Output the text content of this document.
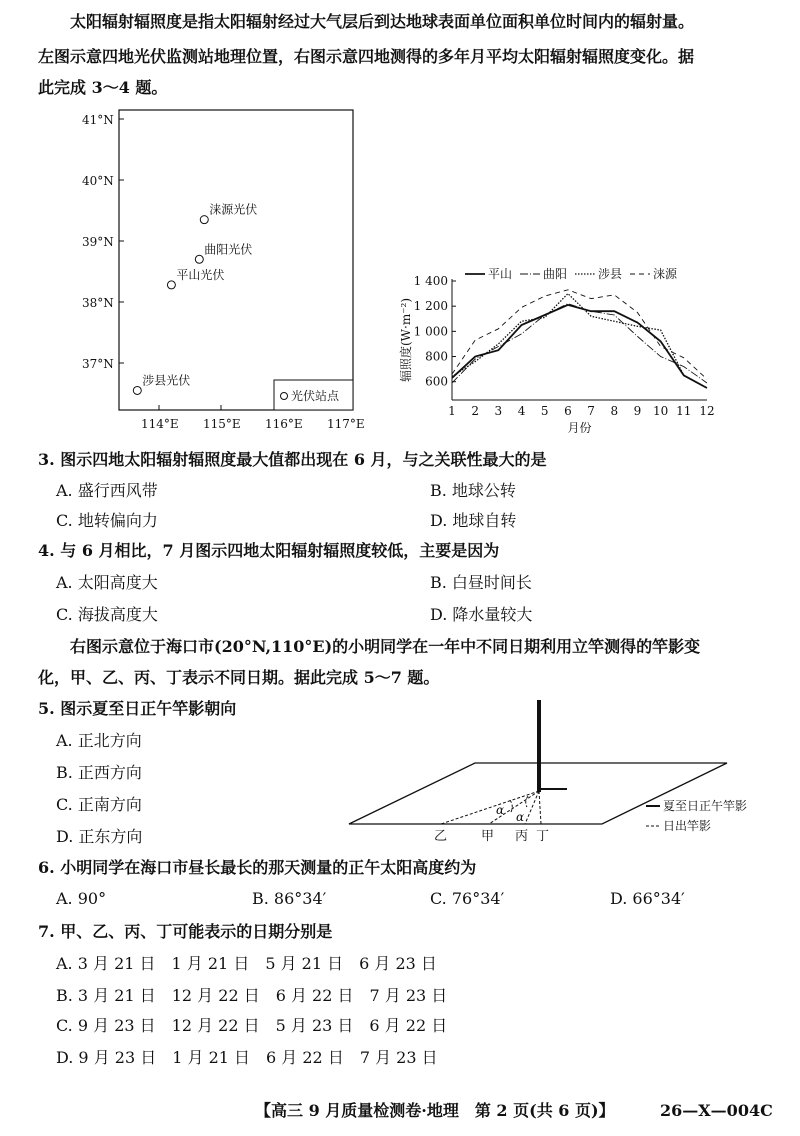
太阳辐射辐照度是指太阳辐射经过大气层后到达地球表面单位面积单位时间内的辐射量。
左图示意四地光伏监测站地理位置，右图示意四地测得的多年月平均太阳辐射辐照度变化。据
此完成 3～4 题。
41°N
40°N
39°N
38°N
37°N
114°E 115°E 116°E 117°E
涞源光伏
曲阳光伏
平山光伏
涉县光伏
光伏站点
600
800
1 000
1 200
1 400
1 2 3 4 5 6 7 8 9 10 11 12
月份
辐照度(W·m⁻²)
平山	曲阳	涉县	涞源
3. 图示四地太阳辐射辐照度最大值都出现在 6 月，与之关联性最大的是
A. 盛行西风带	B. 地球公转
C. 地转偏向力	D. 地球自转
4. 与 6 月相比，7 月图示四地太阳辐射辐照度较低，主要是因为
A. 太阳高度大	B. 白昼时间长
C. 海拔高度大	D. 降水量较大
右图示意位于海口市(20°N,110°E)的小明同学在一年中不同日期利用立竿测得的竿影变
化，甲、乙、丙、丁表示不同日期。据此完成 5～7 题。
5. 图示夏至日正午竿影朝向
A. 正北方向
B. 正西方向
C. 正南方向
D. 正东方向
α α
乙	甲 丙 丁
夏至日正午竿影
日出竿影
6. 小明同学在海口市昼长最长的那天测量的正午太阳高度约为
A. 90°	B. 86°34′	C. 76°34′	D. 66°34′
7. 甲、乙、丙、丁可能表示的日期分别是
A. 3 月 21 日　1 月 21 日　5 月 21 日　6 月 23 日
B. 3 月 21 日　12 月 22 日　6 月 22 日　7 月 23 日
C. 9 月 23 日　12 月 22 日　5 月 23 日　6 月 22 日
D. 9 月 23 日　1 月 21 日　6 月 22 日　7 月 23 日
【高三 9 月质量检测卷·地理　第 2 页(共 6 页)】	26—X—004C
